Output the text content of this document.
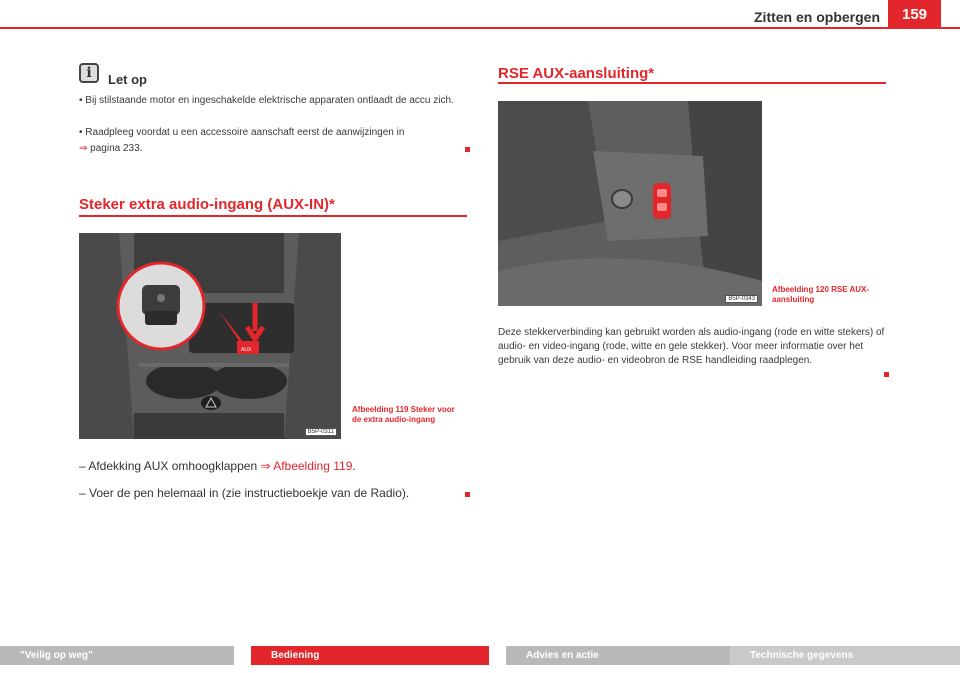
Zitten en opbergen	159
i	Let op
• Bij stilstaande motor en ingeschakelde elektrische apparaten ontlaadt de accu zich.
• Raadpleeg voordat u een accessoire aanschaft eerst de aanwijzingen in
⇒ pagina 233.
Steker extra audio-ingang (AUX-IN)*
AUX
B5P-0311
Afbeelding 119 Steker voor de extra audio-ingang
– Afdekking AUX omhoogklappen ⇒ Afbeelding 119.
– Voer de pen helemaal in (zie instructieboekje van de Radio).
RSE AUX-aansluiting*
B5P-0343
Afbeelding 120 RSE AUX-aansluiting
Deze stekkerverbinding kan gebruikt worden als audio-ingang (rode en witte stekers) of audio- en video-ingang (rode, witte en gele stekker). Voor meer informatie over het gebruik van deze audio- en videobron de RSE handleiding raadplegen.
"Veilig op weg"	Bediening	Advies en actie	Technische gegevens
